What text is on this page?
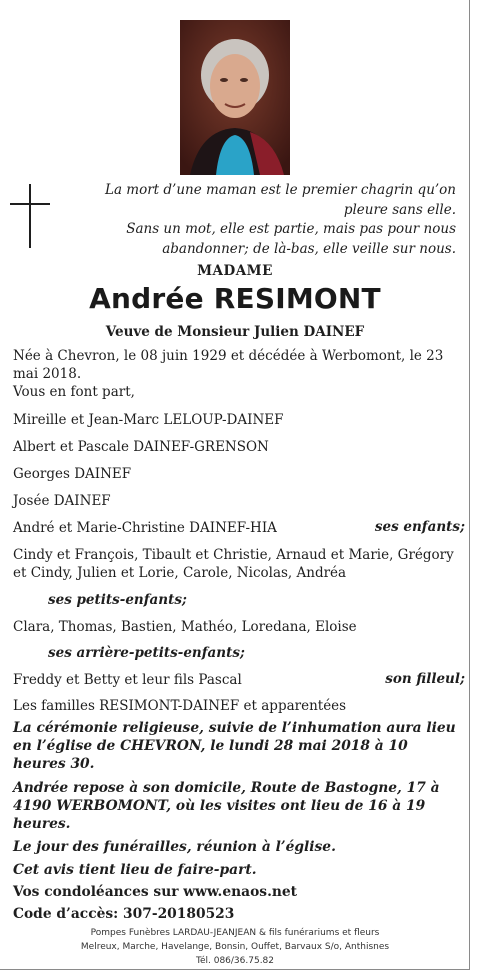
La mort d’une maman est le premier chagrin qu’on
pleure sans elle.
Sans un mot, elle est partie, mais pas pour nous
abandonner; de là-bas, elle veille sur nous.
MADAME
Andrée RESIMONT
Veuve de Monsieur Julien DAINEF
Née à Chevron, le 08 juin 1929 et décédée à Werbomont, le 23 mai 2018.
Vous en font part,
Mireille et Jean-Marc LELOUP-DAINEF
Albert et Pascale DAINEF-GRENSON
Georges DAINEF
Josée DAINEF
André et Marie-Christine DAINEF-HIA	ses enfants;
Cindy et François, Tibault et Christie, Arnaud et Marie, Grégory et Cindy, Julien et Lorie, Carole, Nicolas, Andréa
ses petits-enfants;
Clara, Thomas, Bastien, Mathéo, Loredana, Eloise
ses arrière-petits-enfants;
Freddy et Betty et leur fils Pascal	son filleul;
Les familles RESIMONT-DAINEF et apparentées
La cérémonie religieuse, suivie de l’inhumation aura lieu en l’église de CHEVRON, le lundi 28 mai 2018 à 10 heures 30.
Andrée repose à son domicile, Route de Bastogne, 17 à 4190 WERBOMONT, où les visites ont lieu de 16 à 19 heures.
Le jour des funérailles, réunion à l’église.
Cet avis tient lieu de faire-part.
Vos condoléances sur www.enaos.net
Code d’accès: 307-20180523
Pompes Funèbres LARDAU-JEANJEAN & fils funérariums et fleurs
Melreux, Marche, Havelange, Bonsin, Ouffet, Barvaux S/o, Anthisnes
Tél. 086/36.75.82
